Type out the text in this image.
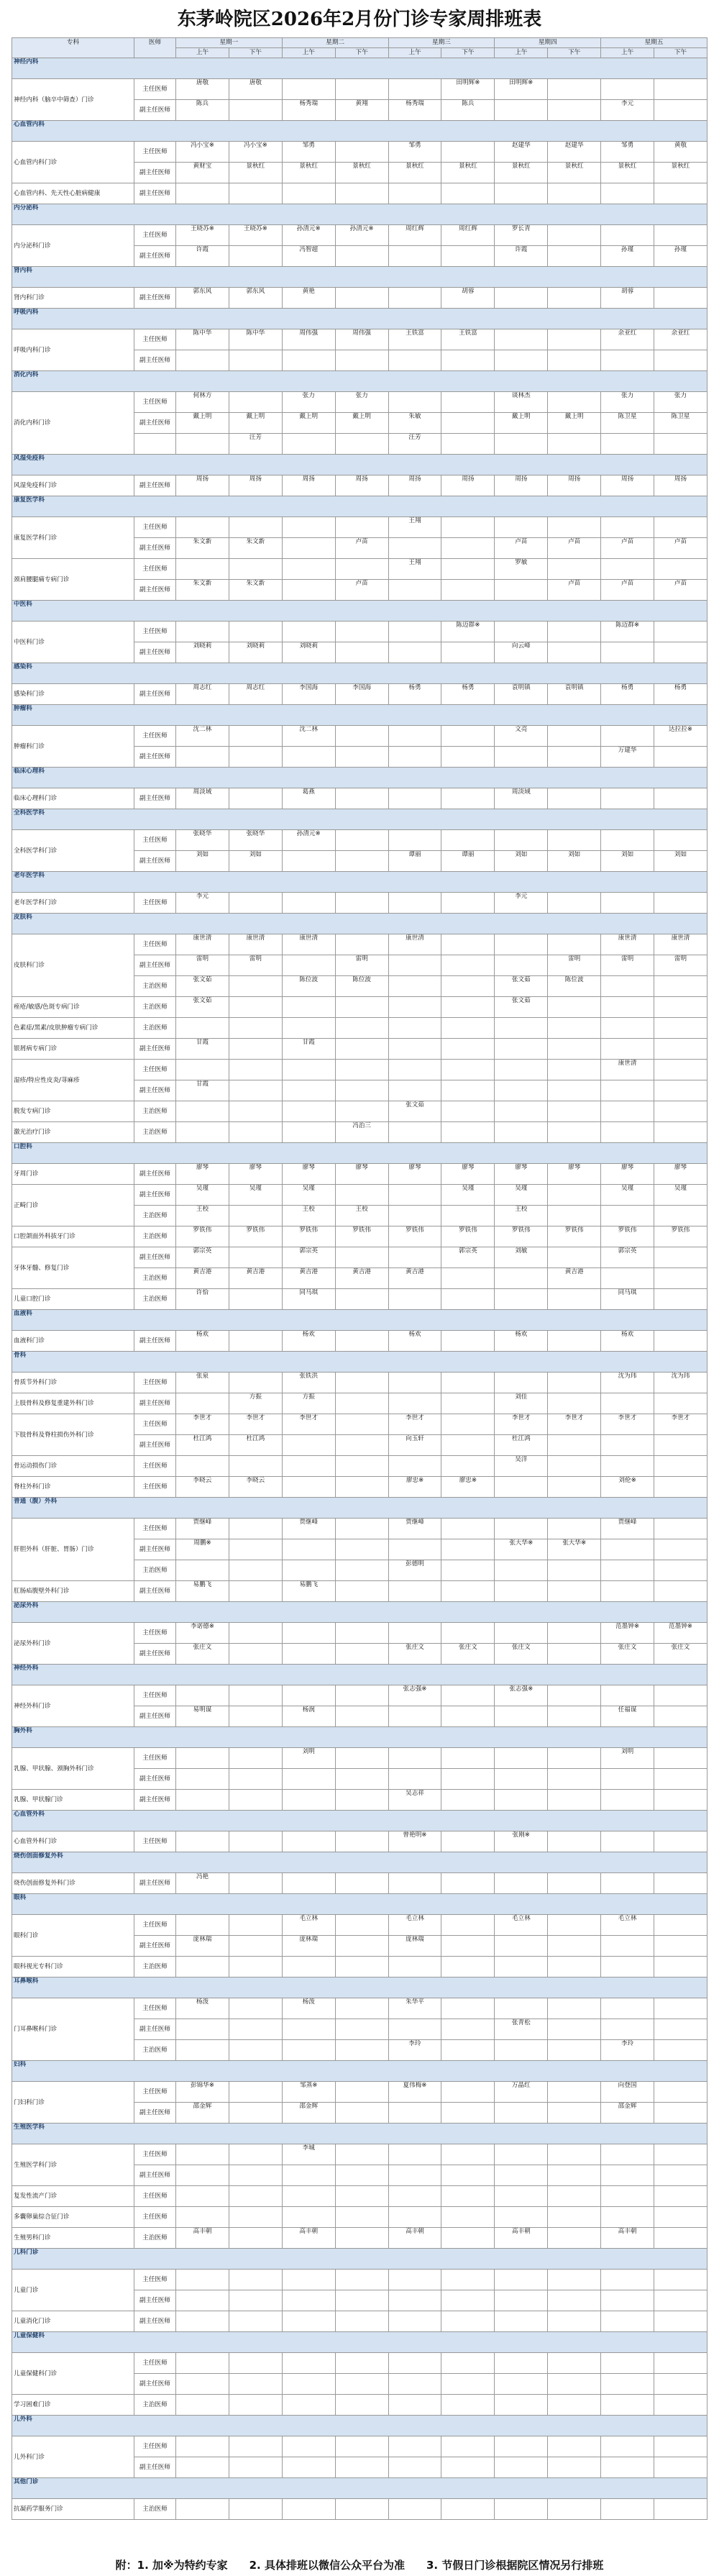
东茅岭院区2026年2月份门诊专家周排班表
专科	医师	星期一		星期二		星期三		星期四		星期五	
		上午	下午	上午	下午	上午	下午	上午	下午	上午	下午
神经内科											
神经内科（脑卒中筛查）门诊	主任医师	唐敬	唐敬				田明辉※	田明辉※			
	副主任医师	陈兵		杨秀瑞	黄翔	杨秀瑞	陈兵			李元	
心血管内科											
心血管内科门诊	主任医师	冯小宝※	冯小宝※	邹勇		邹勇		赵建华	赵建华	邹勇	黄敬
	副主任医师	黄财宝	景秋红	景秋红	景秋红	景秋红	景秋红	景秋红	景秋红	景秋红	景秋红
心血管内科、先天性心脏病健康	副主任医师										
内分泌科											
内分泌科门诊	主任医师	王晓苏※	王晓苏※	孙清元※	孙清元※	周红辉	周红辉	罗长青			
	副主任医师	许霞		冯智超				许霞		孙瑾	孙瑾
肾内科											
肾内科门诊	副主任医师	郭东风	郭东风	黄艳			胡蓉			胡蓉	
呼吸内科											
呼吸内科门诊	主任医师	陈中华	陈中华	周伟强	周伟强	王铁富	王铁富			余亚红	余亚红
	副主任医师										
消化内科											
消化内科门诊	主任医师	何林方		张力	张力			谈林杰		张力	张力
	副主任医师	戴上明	戴上明	戴上明	戴上明	朱敏		戴上明	戴上明	陈卫星	陈卫星
			汪芳			汪芳					
风湿免疫科											
风湿免疫科门诊	副主任医师	周扬	周扬	周扬	周扬	周扬	周扬	周扬	周扬	周扬	周扬
康复医学科											
康复医学科门诊	主任医师					王翔					
	副主任医师	朱文新	朱文新		卢苗			卢苗	卢苗	卢苗	卢苗
颈肩腰腿痛专病门诊	主任医师					王翔		罗敏			
	副主任医师	朱文新	朱文新		卢苗				卢苗	卢苗	卢苗
中医科											
中医科门诊	主任医师						陈迈群※			陈迈群※	
	副主任医师	刘晓莉	刘晓莉	刘晓莉				向云峰			
感染科											
感染科门诊	副主任医师	周志红	周志红	李国海	李国海	杨勇	杨勇	袁明镇	袁明镇	杨勇	杨勇
肿瘤科											
肿瘤科门诊	主任医师	沈二林		沈二林				文亮			达拉拉※
	副主任医师									万建华	
临床心理科											
临床心理科门诊	副主任医师	周淡域		葛燕				周淡域			
全科医学科											
全科医学科门诊	主任医师	张晓华	张晓华	孙清元※							
	副主任医师	刘如	刘如			谭丽	谭丽	刘如	刘如	刘如	刘如
老年医学科											
老年医学科门诊	主任医师	李元						李元			
皮肤科											
皮肤科门诊	主任医师	康世清	康世清	康世清		康世清				康世清	康世清
	副主任医师	雷明	雷明		雷明				雷明	雷明	雷明
	主治医师	张文茹		陈位波	陈位波			张文茹	陈位波		
痤疮/敏感/色斑专病门诊	主治医师	张文茹						张文茹			
色素痣/黑素/皮肤肿瘤专病门诊	主治医师										
银屑病专病门诊	副主任医师	甘霞		甘霞							
湿疹/特应性皮炎/荨麻疹	主任医师									康世清	
	副主任医师	甘霞									
脱发专病门诊	主治医师					张文茹					
激光治疗门诊	主治医师				冯治三						
口腔科											
牙周门诊	副主任医师	廖琴	廖琴	廖琴	廖琴	廖琴	廖琴	廖琴	廖琴	廖琴	廖琴
正畸门诊	副主任医师	吴瑾	吴瑾	吴瑾			吴瑾	吴瑾		吴瑾	吴瑾
	主治医师	王校		王校	王校			王校			
口腔颌面外科拔牙门诊	主治医师	罗铁伟	罗铁伟	罗铁伟	罗铁伟	罗铁伟	罗铁伟	罗铁伟	罗铁伟	罗铁伟	罗铁伟
牙体牙髓、修复门诊	副主任医师	郭宗英		郭宗英			郭宗英	刘敏		郭宗英	
	主治医师	黄吉港	黄吉港	黄吉港	黄吉港	黄吉港			黄吉港		
儿童口腔门诊	主治医师	许恰		同马琪						同马琪	
血液科											
血液科门诊	副主任医师	杨欢		杨欢		杨欢		杨欢		杨欢	
骨科											
骨质节外科门诊	主任医师	张泉		张铁洪						沈为玮	沈为玮
上肢骨科及修复重建外科门诊	副主任医师		方振	方振				刘佳			
下肢骨科及脊柱损伤外科门诊	主任医师	李世才	李世才	李世才		李世才		李世才	李世才	李世才	李世才
	副主任医师	杜江鸿	杜江鸿			向玉轩		杜江鸿			
骨运动损伤门诊	主任医师							吴洋			
脊柱外科门诊	主任医师	李晓云	李晓云			廖忠※	廖忠※			刘伦※	
普通（腹）外科											
肝胆外科（肝脏、胃肠）门诊	主任医师	贾继峰		贾继峰		贾继峰				贾继峰	
	副主任医师	周鹏※						张大华※	张大华※		
	主治医师					彭德明					
肛肠疝腹壁外科门诊	副主任医师	易鹏飞		易鹏飞							
泌尿外科											
泌尿外科门诊	主任医师	李诺德※								范墨钟※	范墨钟※
	副主任医师	张庄文				张庄文	张庄文	张庄文		张庄文	张庄文
神经外科											
神经外科门诊	主任医师					张志强※		张志强※			
	副主任医师	易明谋		杨润						任福谋	
胸外科											
乳腺、甲状腺、颈胸外科门诊	主任医师			刘明						刘明	
	副主任医师										
乳腺、甲状腺门诊	副主任医师					吴志祥					
心血管外科											
心血管外科门诊	主任医师					曾艳明※		张刚※			
烧伤创面修复外科											
烧伤创面修复外科门诊	副主任医师	冯艳									
眼科											
眼科门诊	主任医师			毛立林		毛立林		毛立林		毛立林	
	副主任医师	庞林瑞		庞林瑞		庞林瑞					
眼科视光专科门诊	主治医师										
耳鼻喉科											
门耳鼻喉科门诊	主任医师	杨泼		杨泼		朱华平					
	副主任医师							张青松			
	主治医师					李玲				李玲	
妇科											
门妇科门诊	主任医师	彭锦华※		邹蒸※		夏伟梅※		万晶红		向登国	
	副主任医师	邵金辉		邵金辉						邵金辉	
生殖医学科											
生殖医学科门诊	主任医师			李城							
	副主任医师										
复发性流产门诊	主任医师										
多囊卵巢综合征门诊	主任医师										
生殖男科门诊	主治医师	高丰朝		高丰朝		高丰朝		高丰朝		高丰朝	
儿科门诊											
儿童门诊	主任医师										
	副主任医师										
儿童消化门诊	副主任医师										
儿童保健科											
儿童保健科门诊	主任医师										
	副主任医师										
学习困难门诊	主治医师										
儿外科											
儿外科门诊	主任医师										
	副主任医师										
其他门诊											
抗凝药学服务门诊	主治医师										
附：1. 加※为特约专家　　2. 具体排班以微信公众平台为准　　3. 节假日门诊根据院区情况另行排班
